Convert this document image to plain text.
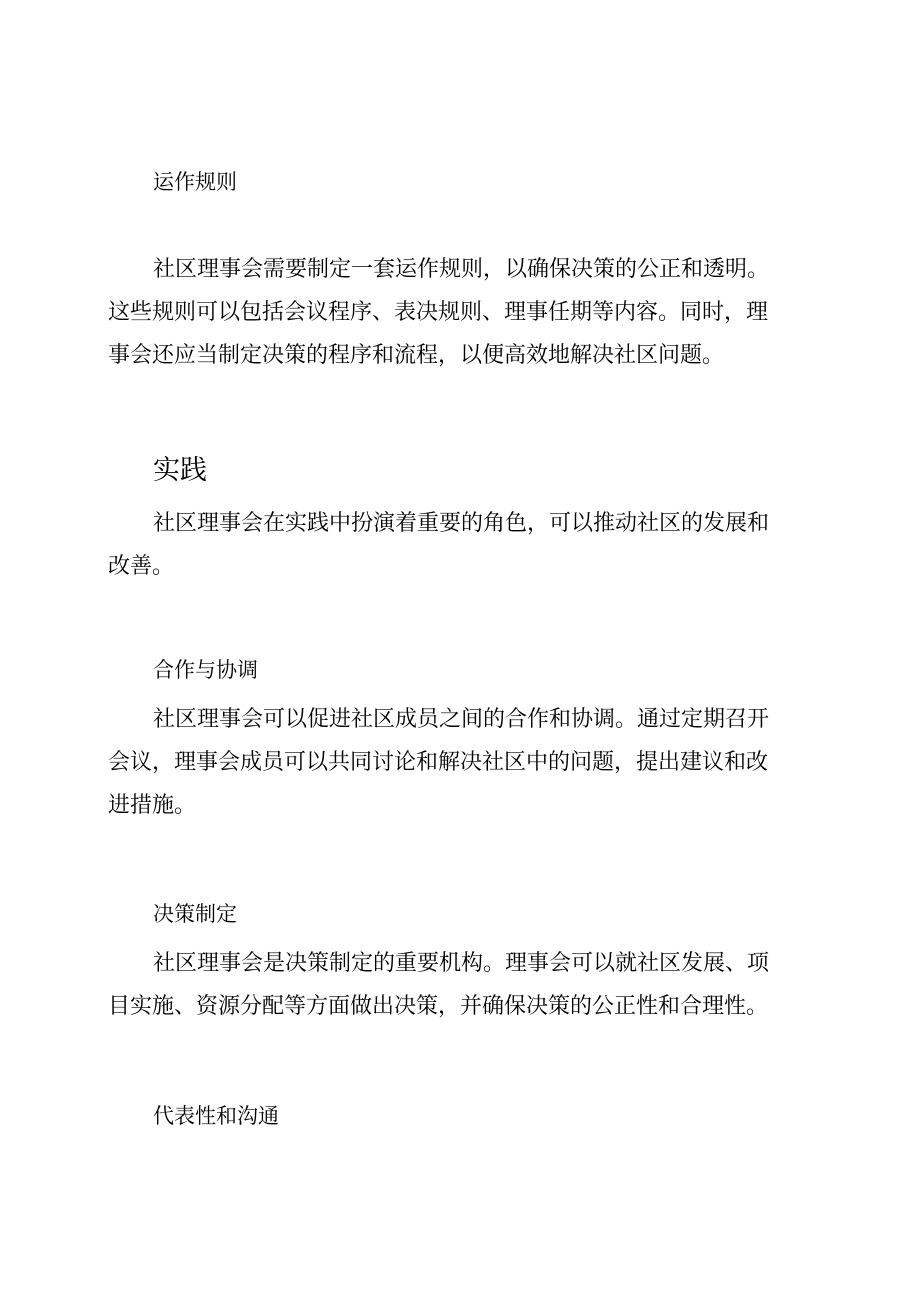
运作规则
社区理事会需要制定一套运作规则，以确保决策的公正和透明。
这些规则可以包括会议程序、表决规则、理事任期等内容。同时，理
事会还应当制定决策的程序和流程，以便高效地解决社区问题。
实践
社区理事会在实践中扮演着重要的角色，可以推动社区的发展和
改善。
合作与协调
社区理事会可以促进社区成员之间的合作和协调。通过定期召开
会议，理事会成员可以共同讨论和解决社区中的问题，提出建议和改
进措施。
决策制定
社区理事会是决策制定的重要机构。理事会可以就社区发展、项
目实施、资源分配等方面做出决策，并确保决策的公正性和合理性。
代表性和沟通
